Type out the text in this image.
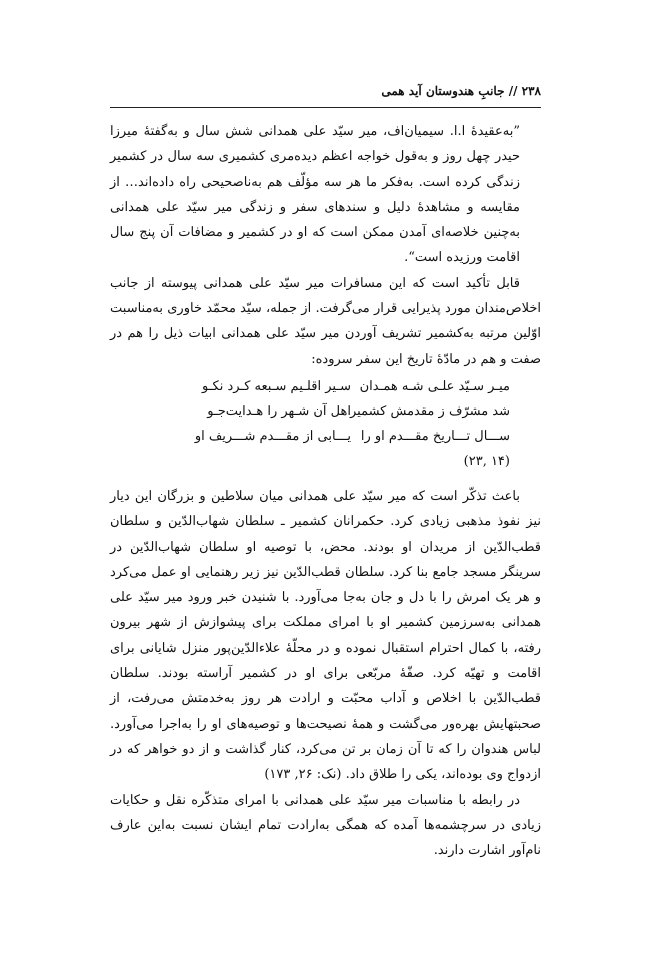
۲۳۸ // جانبِ هندوستان آید همی

”به‌عقیدهٔ ا.ا. سیمیان‌اف، میر سیّد علی همدانی شش سال و به‌گفتهٔ میرزا حیدر چهل روز و به‌قول خواجه اعظم دیده‌مری کشمیری سه سال در کشمیر زندگی کرده است. به‌فکر ما هر سه مؤلّف هم به‌ناصحیحی راه داده‌اند… از مقایسه و مشاهدهٔ دلیل و سندهای سفر و زندگی میر سیّد علی همدانی به‌چنین خلاصه‌ای آمدن ممکن است که او در کشمیر و مضافات آن پنج سال اقامت ورزیده است“.

قابل تأکید است که این مسافرات میر سیّد علی همدانی پیوسته از جانب اخلاص‌مندان مورد پذیرایی قرار می‌گرفت. از جمله، سیّد محمّد خاوری به‌مناسبت اوّلین مرتبه به‌کشمیر تشریف آوردن میر سیّد علی همدانی ابیات ذیل را هم در صفت و هم در مادّهٔ تاریخ این سفر سروده:

میـر سـیّد علـی شـه همـدان
سـیر اقلـیم سـبعه کـرد نکـو
شد مشرّف ز مقدمش کشمیر
اهل آن شـهر را هـدایت‌جـو
ســـال تـــاریخ مقـــدم او را
یـــابی از مقـــدم شـــریف او
(۱۴ ,۲۳)

باعث تذکّر است که میر سیّد علی همدانی میان سلاطین و بزرگان این دیار نیز نفوذ مذهبی زیادی کرد. حکمرانان کشمیر ـ سلطان شهاب‌الدّین و سلطان قطب‌الدّین از مریدان او بودند. محض، با توصیه او سلطان شهاب‌الدّین در سرینگر مسجد جامع بنا کرد. سلطان قطب‌الدّین نیز زیر رهنمایی او عمل می‌کرد و هر یک امرش را با دل و جان به‌جا می‌آورد. با شنیدن خبر ورود میر سیّد علی همدانی به‌سرزمین کشمیر او با امرای مملکت برای پیشوازش از شهر بیرون رفته، با کمال احترام استقبال نموده و در محلّهٔ علاءالدّین‌پور منزل شایانی برای اقامت و تهیّه کرد. صفّهٔ مربّعی برای او در کشمیر آراسته بودند. سلطان قطب‌الدّین با اخلاص و آداب محبّت و ارادت هر روز به‌خدمتش می‌رفت، از صحبتهایش بهره‌ور می‌گشت و همهٔ نصیحت‌ها و توصیه‌های او را به‌اجرا می‌آورد. لباس هندوان را که تا آن زمان بر تن می‌کرد، کنار گذاشت و از دو خواهر که در ازدواج وی بوده‌اند، یکی را طلاق داد. (نک: ۲۶, ۱۷۳)

در رابطه با مناسبات میر سیّد علی همدانی با امرای متذکّره نقل و حکایات زیادی در سرچشمه‌ها آمده که همگی به‌ارادت تمام ایشان نسبت به‌این عارف نام‌آور اشارت دارند.
